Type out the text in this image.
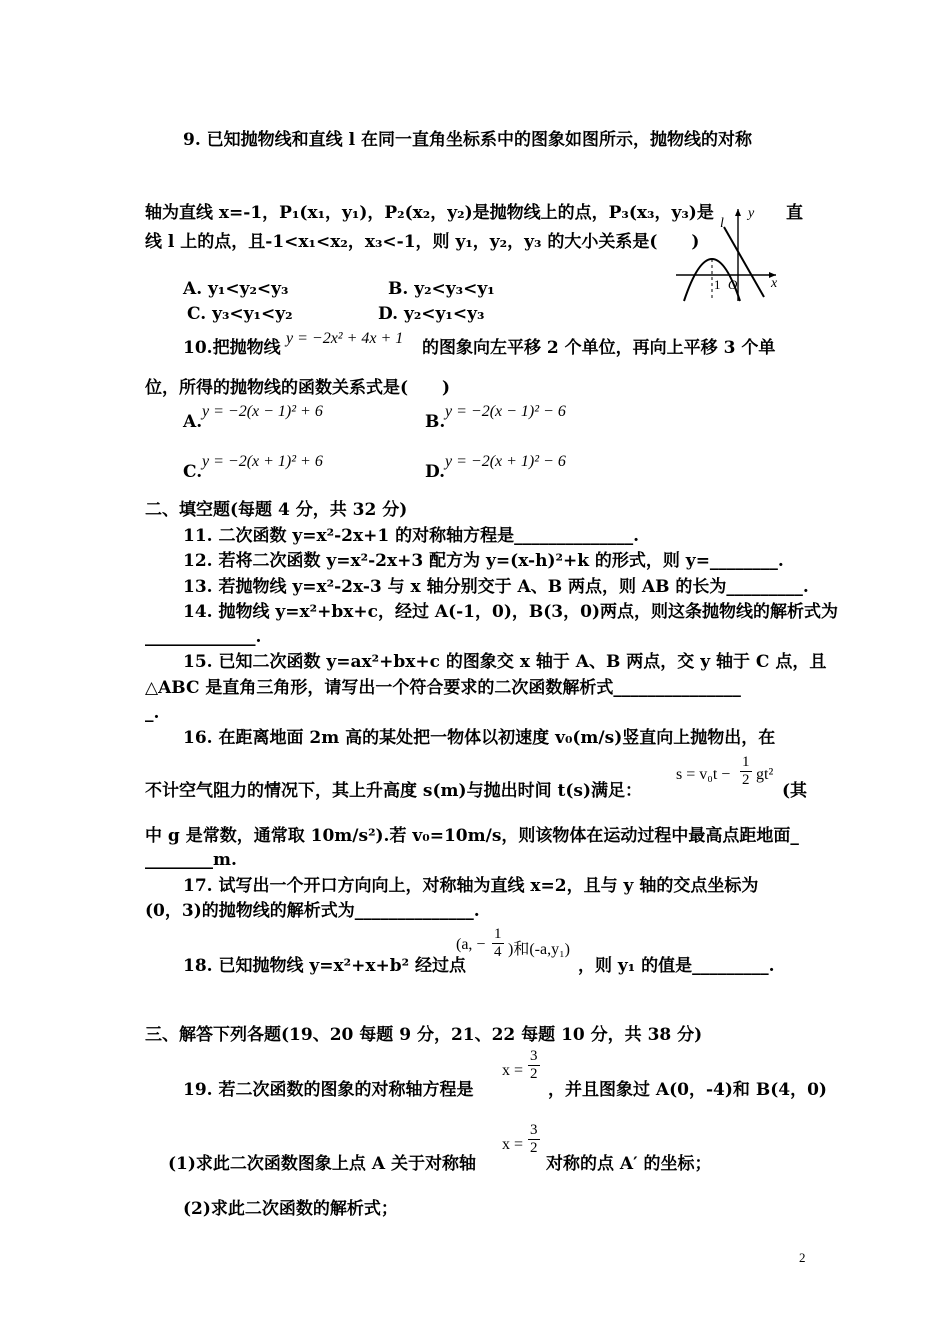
9. 已知抛物线和直线 l 在同一直角坐标系中的图象如图所示，抛物线的对称
轴为直线 x=-1，P₁(x₁，y₁)，P₂(x₂，y₂)是抛物线上的点，P₃(x₃，y₃)是	直
线 l 上的点，且-1<x₁<x₂，x₃<-1，则 y₁，y₂，y₃ 的大小关系是(　　)
A. y₁<y₂<y₃	B. y₂<y₃<y₁
C. y₃<y₁<y₂	D. y₂<y₁<y₃
l
y
1 O x
10.把抛物线 y = −2x² + 4x + 1 的图象向左平移 2 个单位，再向上平移 3 个单
位，所得的抛物线的函数关系式是(　　)
A.
y = −2(x − 1)² + 6
B.
y = −2(x − 1)² − 6
C.
y = −2(x + 1)² + 6
D.
y = −2(x + 1)² − 6
二、填空题(每题 4 分，共 32 分)
11. 二次函数 y=x²-2x+1 的对称轴方程是______________.
12. 若将二次函数 y=x²-2x+3 配方为 y=(x-h)²+k 的形式，则 y=________.
13. 若抛物线 y=x²-2x-3 与 x 轴分别交于 A、B 两点，则 AB 的长为_________.
14. 抛物线 y=x²+bx+c，经过 A(-1，0)，B(3，0)两点，则这条抛物线的解析式为
_____________.
15. 已知二次函数 y=ax²+bx+c 的图象交 x 轴于 A、B 两点，交 y 轴于 C 点，且
△ABC 是直角三角形，请写出一个符合要求的二次函数解析式_______________
_.
16. 在距离地面 2m 高的某处把一物体以初速度 v₀(m/s)竖直向上抛物出，在
不计空气阻力的情况下，其上升高度 s(m)与抛出时间 t(s)满足：
$s = v_0t - \frac{1}{2} gt^2$
(其
中 g 是常数，通常取 10m/s²).若 v₀=10m/s，则该物体在运动过程中最高点距地面_
________m.
17. 试写出一个开口方向向上，对称轴为直线 x=2，且与 y 轴的交点坐标为
(0，3)的抛物线的解析式为______________.
18. 已知抛物线 y=x²+x+b² 经过点
(a, − $\frac{1}{4}$ )和(-a,y₁)
，则 y₁ 的值是_________.
三、解答下列各题(19、20 每题 9 分，21、22 每题 10 分，共 38 分)
19. 若二次函数的图象的对称轴方程是
$x = \frac{3}{2}$
，并且图象过 A(0，-4)和 B(4，0)
(1)求此二次函数图象上点 A 关于对称轴
$x = \frac{3}{2}$
对称的点 A′ 的坐标；
(2)求此二次函数的解析式；
2
